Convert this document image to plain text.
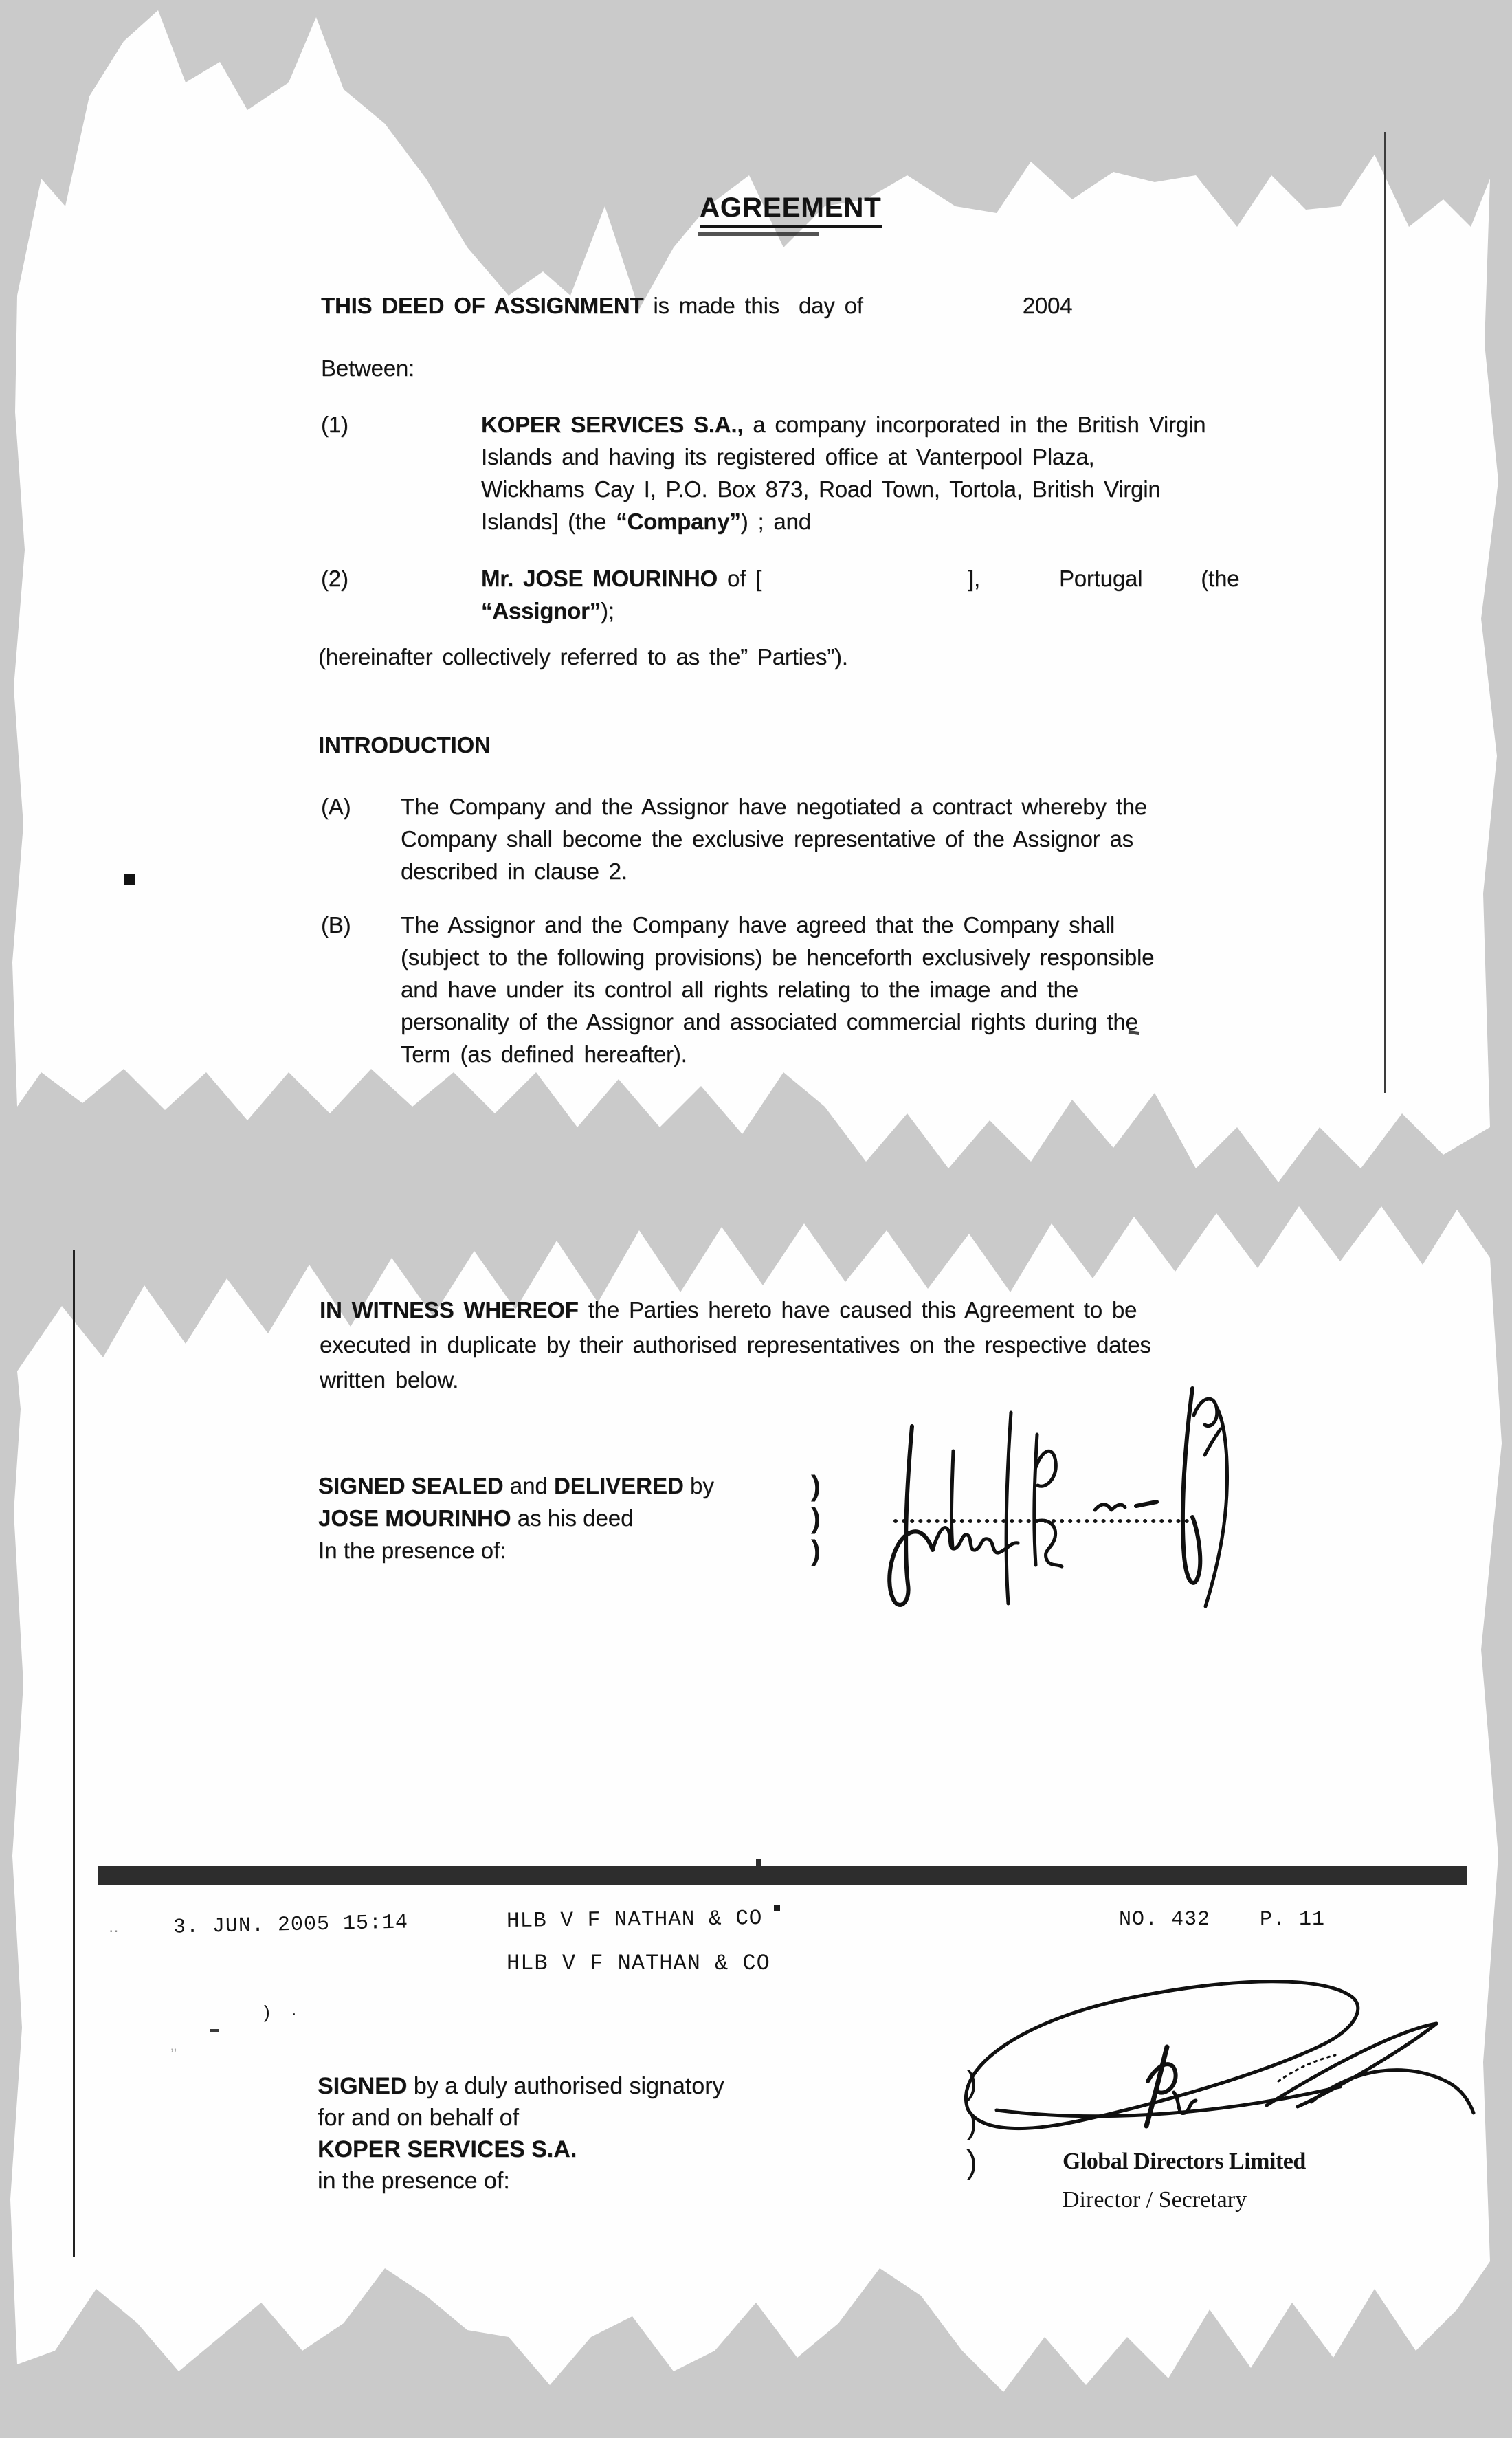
AGREEMENT
THIS DEED OF ASSIGNMENT is made this day of	2004
Between:
(1)	KOPER SERVICES S.A., a company incorporated in the British Virgin
Islands and having its registered office at Vanterpool Plaza,
Wickhams Cay I, P.O. Box 873, Road Town, Tortola, British Virgin
Islands] (the “Company”) ; and
(2)	Mr. JOSE MOURINHO of [	],	Portugal	(the
“Assignor”);
(hereinafter collectively referred to as the” Parties”).
INTRODUCTION
(A) The Company and the Assignor have negotiated a contract whereby the
Company shall become the exclusive representative of the Assignor as
described in clause 2.
(B) The Assignor and the Company have agreed that the Company shall
(subject to the following provisions) be henceforth exclusively responsible
and have under its control all rights relating to the image and the
personality of the Assignor and associated commercial rights during the
Term (as defined hereafter).
IN WITNESS WHEREOF the Parties hereto have caused this Agreement to be
executed in duplicate by their authorised representatives on the respective dates
written below.
SIGNED SEALED and DELIVERED by
JOSE MOURINHO as his deed
In the presence of:
)
)
)
‥	3. JUN. 2005 15:14	HLB V F NATHAN & CO	NO. 432 P. 11
HLB V F NATHAN & CO
) .
’’
SIGNED by a duly authorised signatory
for and on behalf of
KOPER SERVICES S.A.
in the presence of:
)
)
)	Global Directors Limited
Director / Secretary
